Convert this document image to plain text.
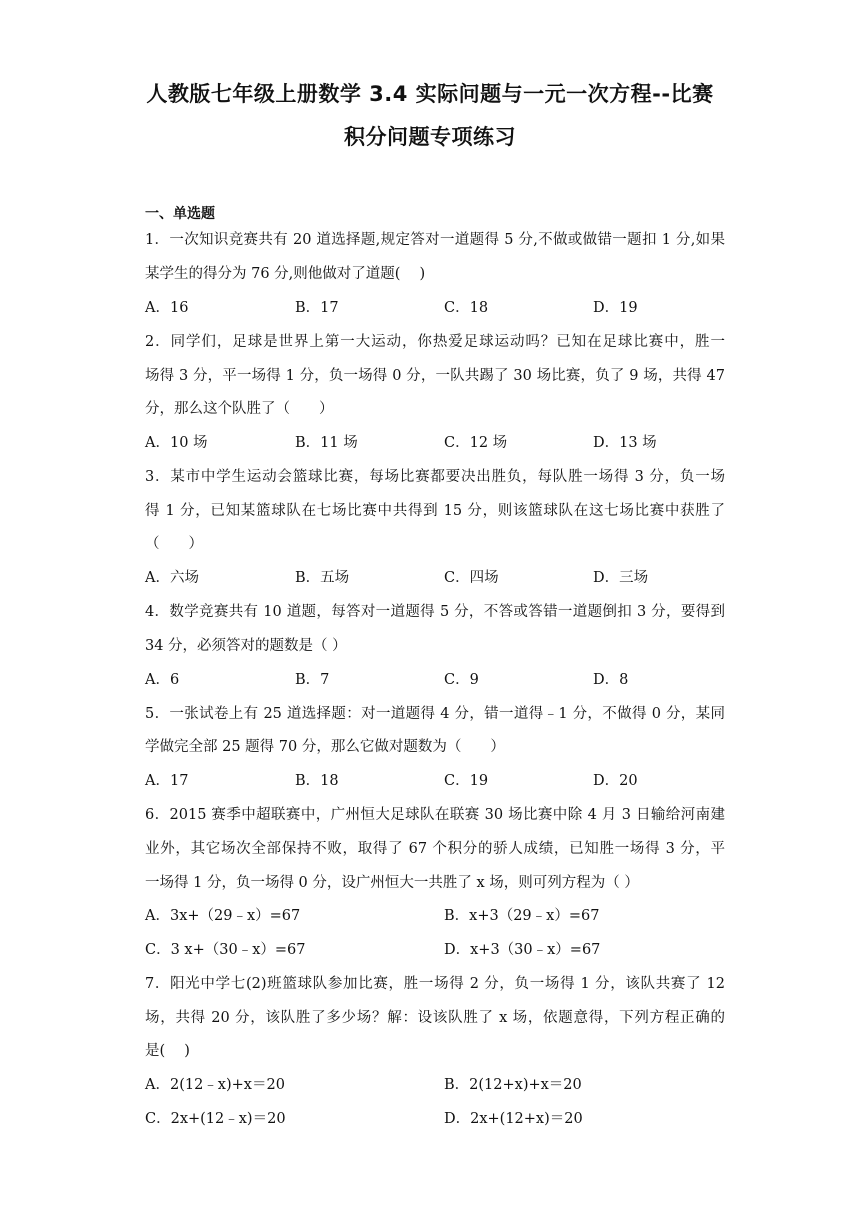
人教版七年级上册数学 3.4 实际问题与一元一次方程--比赛
积分问题专项练习
一、单选题
1．一次知识竞赛共有 20 道选择题,规定答对一道题得 5 分,不做或做错一题扣 1 分,如果
某学生的得分为 76 分,则他做对了道题(　 )
A．16	B．17	C．18	D．19
2．同学们，足球是世界上第一大运动，你热爱足球运动吗？已知在足球比赛中，胜一
场得 3 分，平一场得 1 分，负一场得 0 分，一队共踢了 30 场比赛，负了 9 场，共得 47
分，那么这个队胜了（　　）
A．10 场	B．11 场	C．12 场	D．13 场
3．某市中学生运动会篮球比赛，每场比赛都要决出胜负，每队胜一场得 3 分，负一场
得 1 分，已知某篮球队在七场比赛中共得到 15 分，则该篮球队在这七场比赛中获胜了
（　　）
A．六场	B．五场	C．四场	D．三场
4．数学竞赛共有 10 道题，每答对一道题得 5 分，不答或答错一道题倒扣 3 分，要得到
34 分，必须答对的题数是（ ）
A．6	B．7	C．9	D．8
5．一张试卷上有 25 道选择题：对一道题得 4 分，错一道得﹣1 分，不做得 0 分，某同
学做完全部 25 题得 70 分，那么它做对题数为（　　）
A．17	B．18	C．19	D．20
6．2015 赛季中超联赛中，广州恒大足球队在联赛 30 场比赛中除 4 月 3 日输给河南建
业外，其它场次全部保持不败，取得了 67 个积分的骄人成绩，已知胜一场得 3 分，平
一场得 1 分，负一场得 0 分，设广州恒大一共胜了 x 场，则可列方程为（ ）
A．3x+（29﹣x）=67	B．x+3（29﹣x）=67
C．3 x+（30﹣x）=67	D．x+3（30﹣x）=67
7．阳光中学七(2)班篮球队参加比赛，胜一场得 2 分，负一场得 1 分，该队共赛了 12
场，共得 20 分，该队胜了多少场？解：设该队胜了 x 场，依题意得，下列方程正确的
是(　 )
A．2(12﹣x)+x＝20	B．2(12+x)+x＝20
C．2x+(12﹣x)＝20	D．2x+(12+x)＝20
